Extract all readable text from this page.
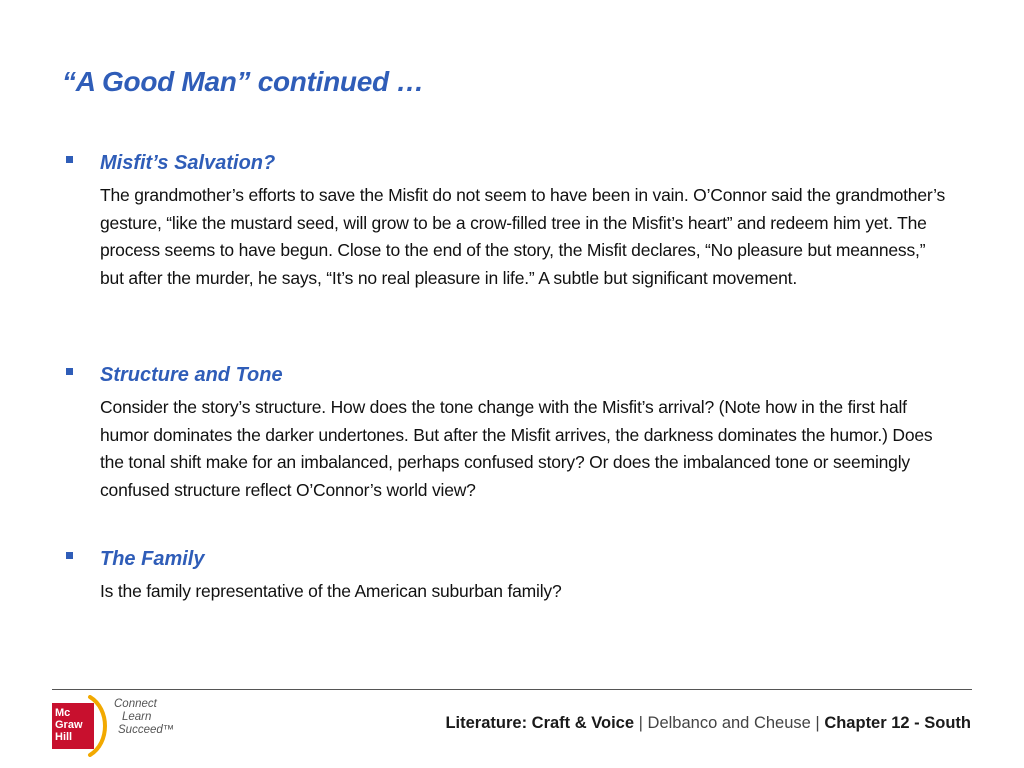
“A Good Man” continued …
Misfit’s Salvation?

The grandmother’s efforts to save the Misfit do not seem to have been in vain. O’Connor said the grandmother’s gesture, “like the mustard seed, will grow to be a crow-filled tree in the Misfit’s heart” and redeem him yet. The process seems to have begun. Close to the end of the story, the Misfit declares, “No pleasure but meanness,” but after the murder, he says, “It’s no real pleasure in life.” A subtle but significant movement.

Structure and Tone

Consider the story’s structure. How does the tone change with the Misfit’s arrival? (Note how in the first half humor dominates the darker undertones. But after the Misfit arrives, the darkness dominates the humor.) Does the tonal shift make for an imbalanced, perhaps confused story? Or does the imbalanced tone or seemingly confused structure reflect O’Connor’s world view?

The Family

Is the family representative of the American suburban family?

Mc
Graw
Hill
Connect
Learn
Succeed™	Literature: Craft & Voice | Delbanco and Cheuse | Chapter 12 - South
